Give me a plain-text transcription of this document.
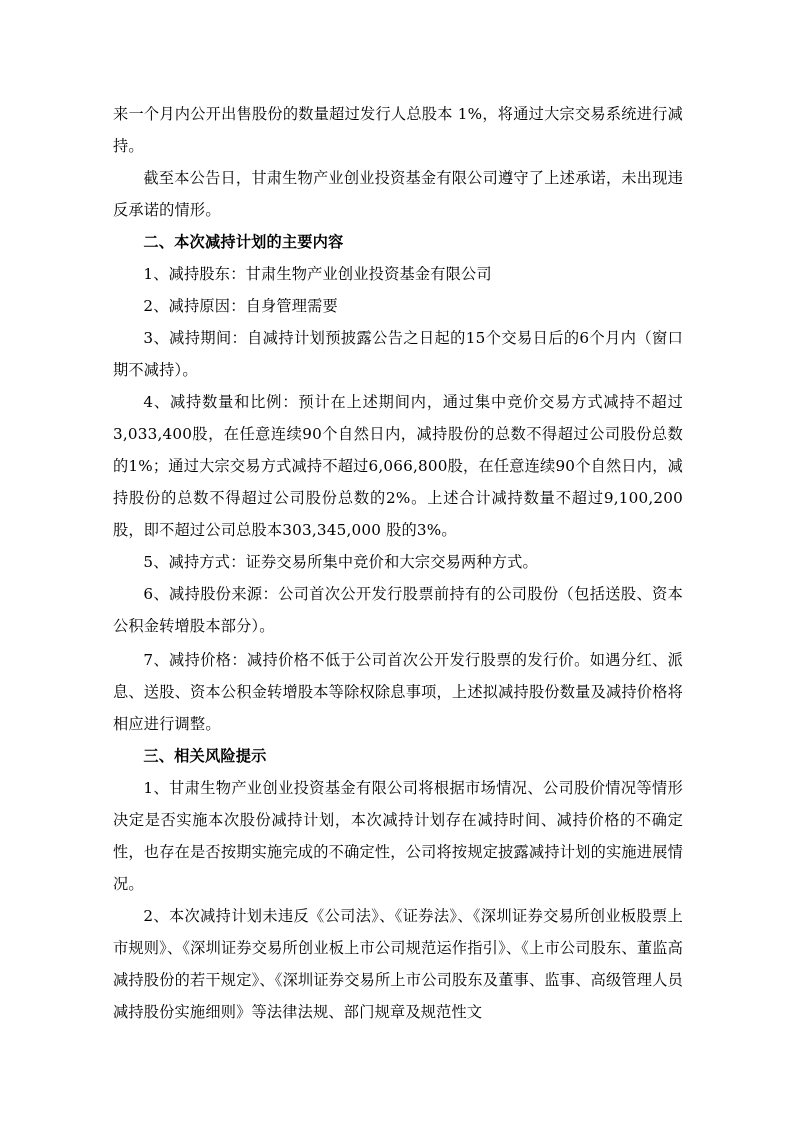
来一个月内公开出售股份的数量超过发行人总股本 1%，将通过大宗交易系统进行减持。

截至本公告日，甘肃生物产业创业投资基金有限公司遵守了上述承诺，未出现违反承诺的情形。

二、本次减持计划的主要内容

1、减持股东：甘肃生物产业创业投资基金有限公司

2、减持原因：自身管理需要

3、减持期间：自减持计划预披露公告之日起的15个交易日后的6个月内（窗口期不减持）。

4、减持数量和比例：预计在上述期间内，通过集中竞价交易方式减持不超过3,033,400股，在任意连续90个自然日内，减持股份的总数不得超过公司股份总数的1%；通过大宗交易方式减持不超过6,066,800股，在任意连续90个自然日内，减持股份的总数不得超过公司股份总数的2%。上述合计减持数量不超过9,100,200股，即不超过公司总股本303,345,000 股的3%。

5、减持方式：证券交易所集中竞价和大宗交易两种方式。

6、减持股份来源：公司首次公开发行股票前持有的公司股份（包括送股、资本公积金转增股本部分）。

7、减持价格：减持价格不低于公司首次公开发行股票的发行价。如遇分红、派息、送股、资本公积金转增股本等除权除息事项，上述拟减持股份数量及减持价格将相应进行调整。

三、相关风险提示

1、甘肃生物产业创业投资基金有限公司将根据市场情况、公司股价情况等情形决定是否实施本次股份减持计划，本次减持计划存在减持时间、减持价格的不确定性，也存在是否按期实施完成的不确定性，公司将按规定披露减持计划的实施进展情况。

2、本次减持计划未违反《公司法》、《证券法》、《深圳证券交易所创业板股票上市规则》、《深圳证券交易所创业板上市公司规范运作指引》、《上市公司股东、董监高减持股份的若干规定》、《深圳证券交易所上市公司股东及董事、监事、高级管理人员减持股份实施细则》等法律法规、部门规章及规范性文
